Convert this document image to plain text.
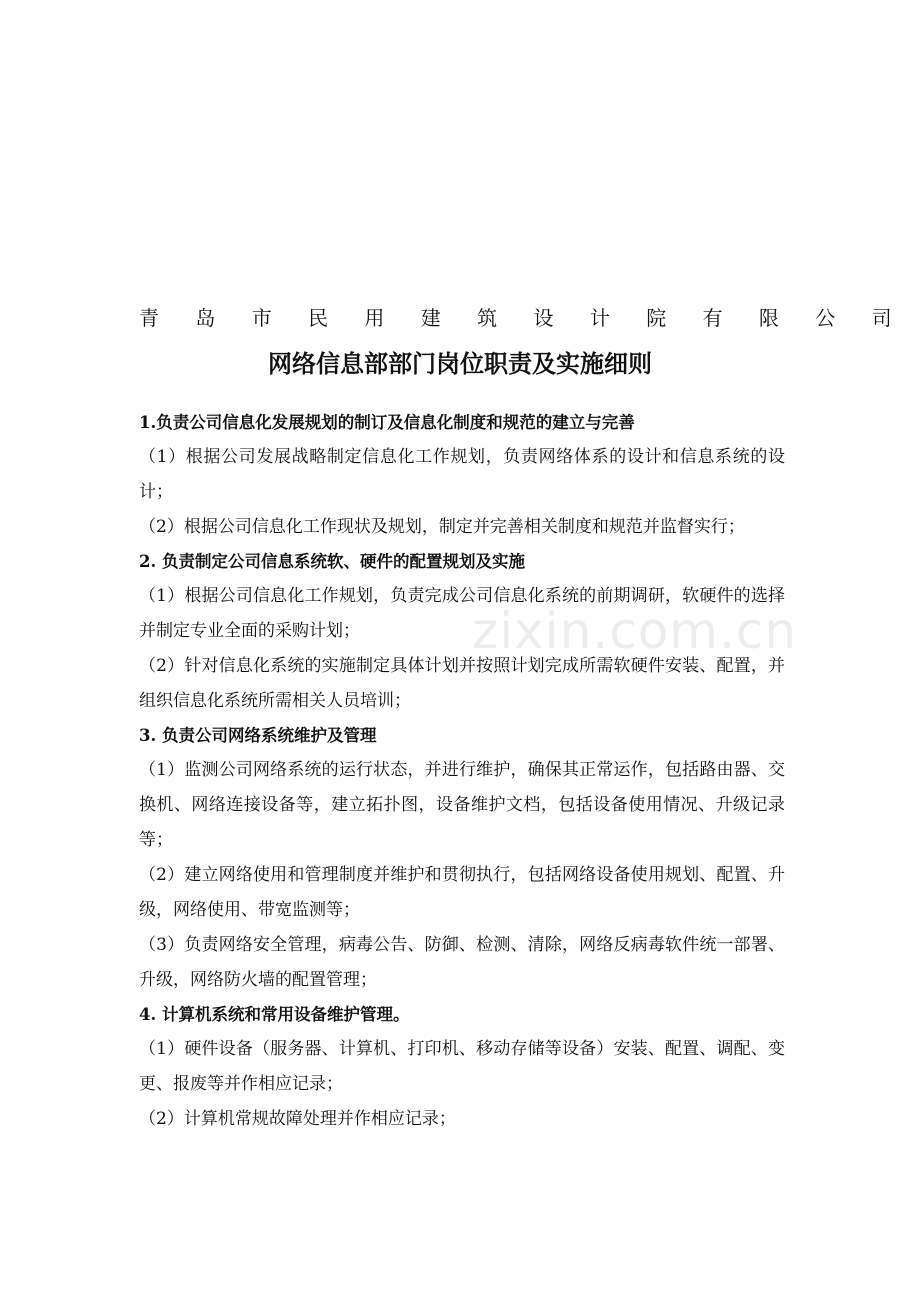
青 岛 市 民 用 建 筑 设 计 院 有 限 公 司
网络信息部部门岗位职责及实施细则

1.负责公司信息化发展规划的制订及信息化制度和规范的建立与完善

（1）根据公司发展战略制定信息化工作规划，负责网络体系的设计和信息系统的设计；

（2）根据公司信息化工作现状及规划，制定并完善相关制度和规范并监督实行；

2. 负责制定公司信息系统软、硬件的配置规划及实施

（1）根据公司信息化工作规划，负责完成公司信息化系统的前期调研，软硬件的选择并制定专业全面的采购计划；

（2）针对信息化系统的实施制定具体计划并按照计划完成所需软硬件安装、配置，并组织信息化系统所需相关人员培训；

3. 负责公司网络系统维护及管理

（1）监测公司网络系统的运行状态，并进行维护，确保其正常运作，包括路由器、交换机、网络连接设备等，建立拓扑图，设备维护文档，包括设备使用情况、升级记录等；

（2）建立网络使用和管理制度并维护和贯彻执行，包括网络设备使用规划、配置、升级，网络使用、带宽监测等；

（3）负责网络安全管理，病毒公告、防御、检测、清除，网络反病毒软件统一部署、升级，网络防火墙的配置管理；

4. 计算机系统和常用设备维护管理。

（1）硬件设备（服务器、计算机、打印机、移动存储等设备）安装、配置、调配、变更、报废等并作相应记录；

（2）计算机常规故障处理并作相应记录；

zixin.com.cn
